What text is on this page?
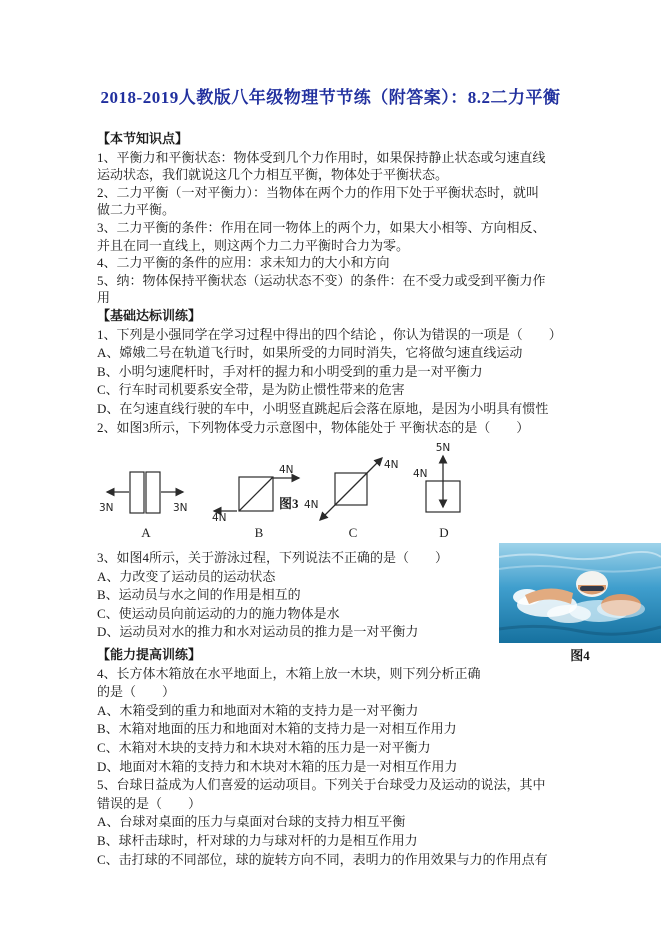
2018-2019人教版八年级物理节节练（附答案）：8.2二力平衡
【本节知识点】
1、平衡力和平衡状态：物体受到几个力作用时，如果保持静止状态或匀速直线
运动状态，我们就说这几个力相互平衡，物体处于平衡状态。
2、二力平衡（一对平衡力）：当物体在两个力的作用下处于平衡状态时，就叫
做二力平衡。
3、二力平衡的条件：作用在同一物体上的两个力，如果大小相等、方向相反、
并且在同一直线上，则这两个力二力平衡时合力为零。
4、二力平衡的条件的应用：求未知力的大小和方向
5、纳：物体保持平衡状态（运动状态不变）的条件：在不受力或受到平衡力作
用
【基础达标训练】
1、下列是小强同学在学习过程中得出的四个结论 ，你认为错误的一项是（　　）
A、嫦娥二号在轨道飞行时，如果所受的力同时消失，它将做匀速直线运动
B、小明匀速爬杆时，手对杆的握力和小明受到的重力是一对平衡力
C、行车时司机要系安全带，是为防止惯性带来的危害
D、在匀速直线行驶的车中，小明竖直跳起后会落在原地，是因为小明具有惯性
2、如图3所示，下列物体受力示意图中，物体能处于 平衡状态的是（　　）
3N	3N
4N
4N
4N
4N
5N
4N
A	B	C	D
图3
3、如图4所示，关于游泳过程，下列说法不正确的是（　　）
A、力改变了运动员的运动状态
B、运动员与水之间的作用是相互的
C、使运动员向前运动的力的施力物体是水
D、运动员对水的推力和水对运动员的推力是一对平衡力
图4
【能力提高训练】
4、长方体木箱放在水平地面上，木箱上放一木块，则下列分析正确
的是（　　）
A、木箱受到的重力和地面对木箱的支持力是一对平衡力
B、木箱对地面的压力和地面对木箱的支持力是一对相互作用力
C、木箱对木块的支持力和木块对木箱的压力是一对平衡力
D、地面对木箱的支持力和木块对木箱的压力是一对相互作用力
5、台球日益成为人们喜爱的运动项目。下列关于台球受力及运动的说法，其中
错误的是（　　）
A、台球对桌面的压力与桌面对台球的支持力相互平衡
B、球杆击球时，杆对球的力与球对杆的力是相互作用力
C、击打球的不同部位，球的旋转方向不同，表明力的作用效果与力的作用点有
